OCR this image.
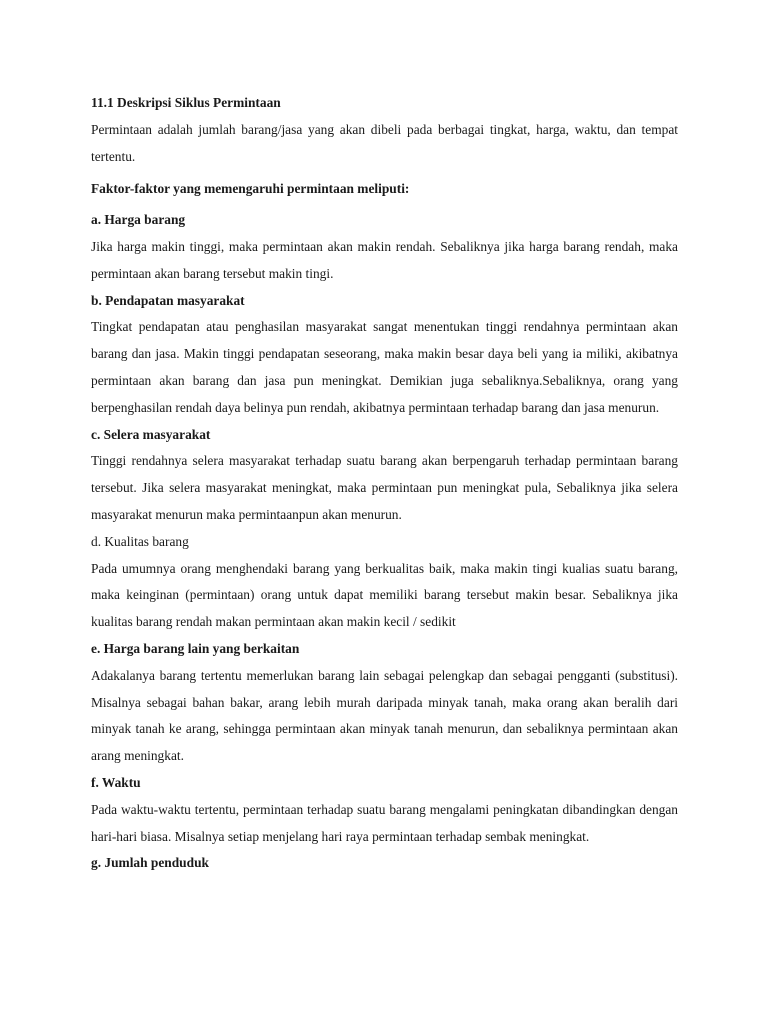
11.1 Deskripsi Siklus Permintaan

Permintaan adalah jumlah barang/jasa yang akan dibeli pada berbagai tingkat, harga, waktu, dan tempat tertentu.

Faktor-faktor yang memengaruhi permintaan meliputi:

a. Harga barang

Jika harga makin tinggi, maka permintaan akan makin rendah. Sebaliknya jika harga barang rendah, maka permintaan akan barang tersebut makin tingi.

b. Pendapatan masyarakat

Tingkat pendapatan atau penghasilan masyarakat sangat menentukan tinggi rendahnya permintaan akan barang dan jasa. Makin tinggi pendapatan seseorang, maka makin besar daya beli yang ia miliki, akibatnya permintaan akan barang dan jasa pun meningkat. Demikian juga sebaliknya.Sebaliknya, orang yang berpenghasilan rendah daya belinya pun rendah, akibatnya permintaan terhadap barang dan jasa menurun.

c. Selera masyarakat

Tinggi rendahnya selera masyarakat terhadap suatu barang akan berpengaruh terhadap permintaan barang tersebut. Jika selera masyarakat meningkat, maka permintaan pun meningkat pula, Sebaliknya jika selera masyarakat menurun maka permintaanpun akan menurun.

d. Kualitas barang

Pada umumnya orang menghendaki barang yang berkualitas baik, maka makin tingi kualias suatu barang, maka keinginan (permintaan) orang untuk dapat memiliki barang tersebut makin besar. Sebaliknya jika kualitas barang rendah makan permintaan akan makin kecil / sedikit

e. Harga barang lain yang berkaitan

Adakalanya barang tertentu memerlukan barang lain sebagai pelengkap dan sebagai pengganti (substitusi). Misalnya sebagai bahan bakar, arang lebih murah daripada minyak tanah, maka orang akan beralih dari minyak tanah ke arang, sehingga permintaan akan minyak tanah menurun, dan sebaliknya permintaan akan arang meningkat.

f. Waktu

Pada waktu-waktu tertentu, permintaan terhadap suatu barang mengalami peningkatan dibandingkan dengan hari-hari biasa. Misalnya setiap menjelang hari raya permintaan terhadap sembak meningkat.

g. Jumlah penduduk
